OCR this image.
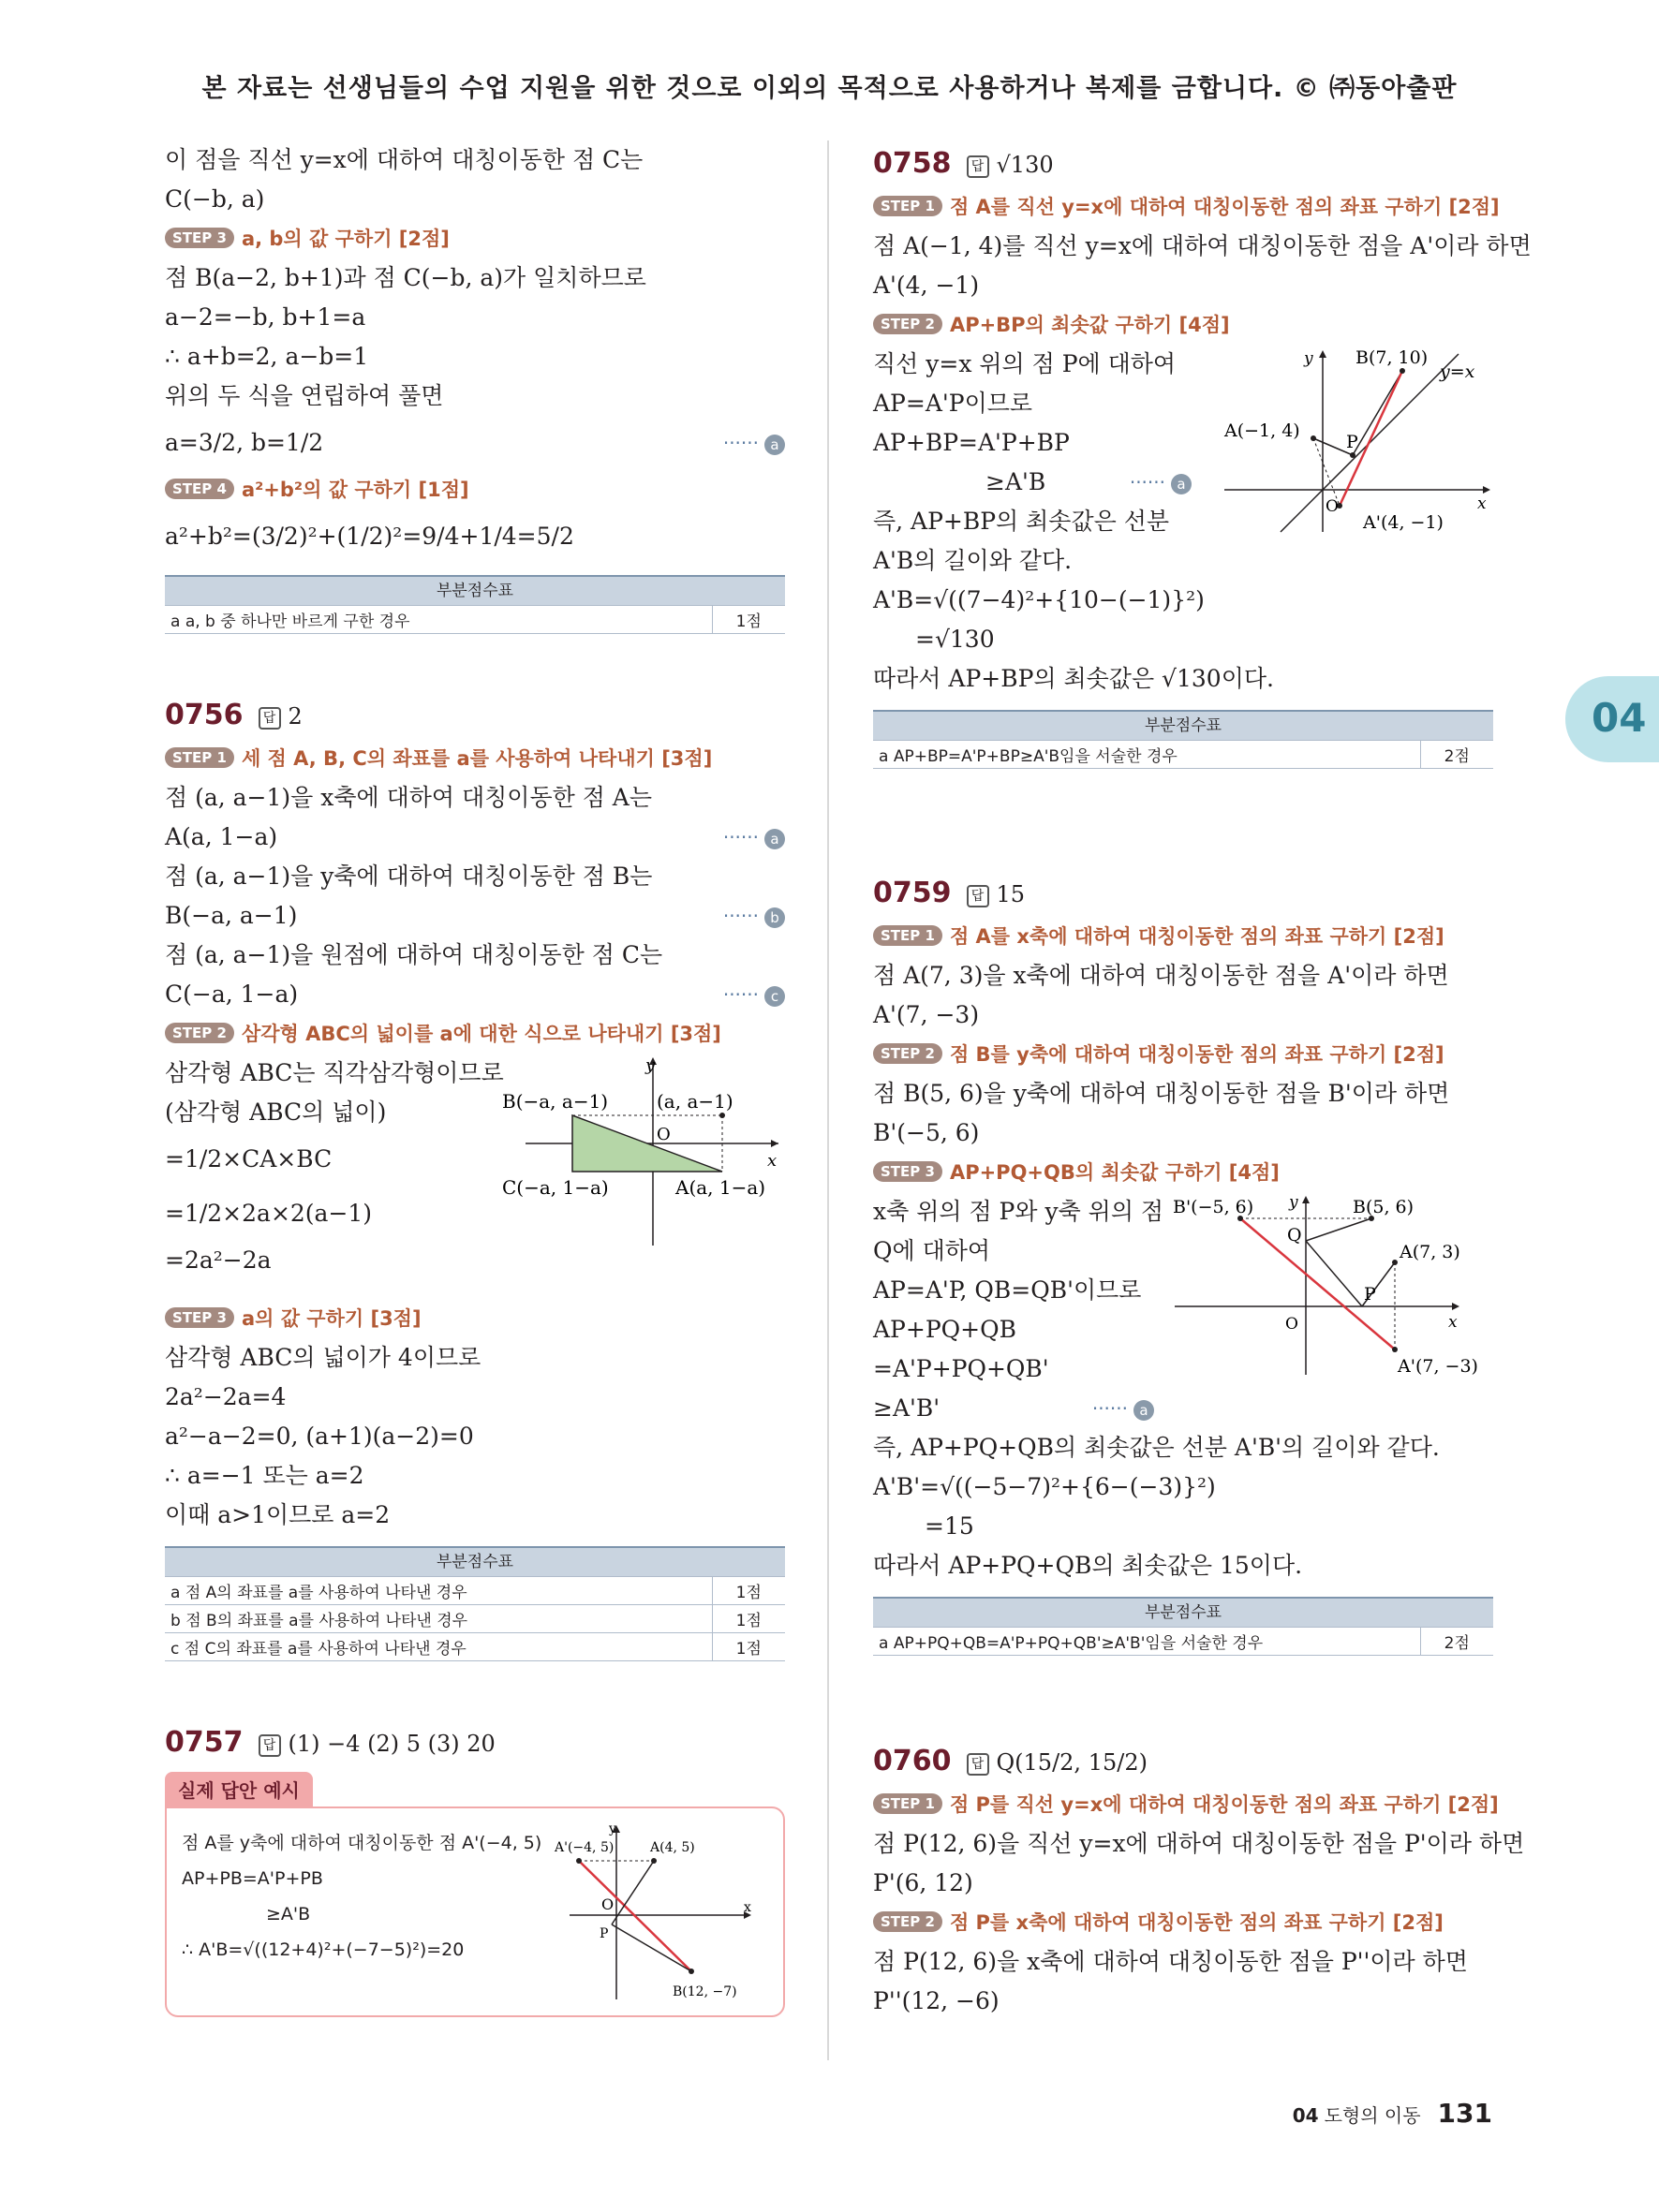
본 자료는 선생님들의 수업 지원을 위한 것으로 이외의 목적으로 사용하거나 복제를 금합니다. © ㈜동아출판
이 점을 직선 y=x에 대하여 대칭이동한 점 C는
C(−b, a)
STEP 3 a, b의 값 구하기 [2점]
점 B(a−2, b+1)과 점 C(−b, a)가 일치하므로
a−2=−b, b+1=a
∴ a+b=2, a−b=1
위의 두 식을 연립하여 풀면
a=3/2, b=1/2	······ a
STEP 4 a²+b²의 값 구하기 [1점]
a²+b²=(3/2)²+(1/2)²=9/4+1/4=5/2
부분점수표
a a, b 중 하나만 바르게 구한 경우	1점
0756 답 2
STEP 1 세 점 A, B, C의 좌표를 a를 사용하여 나타내기 [3점]
점 (a, a−1)을 x축에 대하여 대칭이동한 점 A는
A(a, 1−a)	······ a
점 (a, a−1)을 y축에 대하여 대칭이동한 점 B는
B(−a, a−1)	······ b
점 (a, a−1)을 원점에 대하여 대칭이동한 점 C는
C(−a, 1−a)	······ c
STEP 2 삼각형 ABC의 넓이를 a에 대한 식으로 나타내기 [3점]
삼각형 ABC는 직각삼각형이므로
(삼각형 ABC의 넓이)
=1/2×CA×BC
=1/2×2a×2(a−1)
=2a²−2a
y
x
O
B(−a, a−1)	(a, a−1)
C(−a, 1−a)	A(a, 1−a)
STEP 3 a의 값 구하기 [3점]
삼각형 ABC의 넓이가 4이므로
2a²−2a=4
a²−a−2=0, (a+1)(a−2)=0
∴ a=−1 또는 a=2
이때 a>1이므로 a=2
부분점수표	
a 점 A의 좌표를 a를 사용하여 나타낸 경우	1점
b 점 B의 좌표를 a를 사용하여 나타낸 경우	1점
c 점 C의 좌표를 a를 사용하여 나타낸 경우	1점
0757 답 (1) −4 (2) 5 (3) 20
실제 답안 예시
점 A를 y축에 대하여 대칭이동한 점 A'(−4, 5)
AP+PB=A'P+PB
≥A'B
∴ A'B=√((12+4)²+(−7−5)²)=20
y
x
O
A'(−4, 5)	A(4, 5)
P
B(12, −7)
0758 답 √130
STEP 1 점 A를 직선 y=x에 대하여 대칭이동한 점의 좌표 구하기 [2점]
점 A(−1, 4)를 직선 y=x에 대하여 대칭이동한 점을 A'이라 하면
A'(4, −1)
STEP 2 AP+BP의 최솟값 구하기 [4점]
직선 y=x 위의 점 P에 대하여
AP=A'P이므로
AP+BP=A'P+BP
≥A'B	······ a
즉, AP+BP의 최솟값은 선분
A'B의 길이와 같다.
A'B=√((7−4)²+{10−(−1)}²)
=√130
y
x
O
B(7, 10)
y=x
A(−1, 4)
P
A'(4, −1)
따라서 AP+BP의 최솟값은 √130이다.
부분점수표
a AP+BP=A'P+BP≥A'B임을 서술한 경우	2점
0759 답 15
STEP 1 점 A를 x축에 대하여 대칭이동한 점의 좌표 구하기 [2점]
점 A(7, 3)을 x축에 대하여 대칭이동한 점을 A'이라 하면
A'(7, −3)
STEP 2 점 B를 y축에 대하여 대칭이동한 점의 좌표 구하기 [2점]
점 B(5, 6)을 y축에 대하여 대칭이동한 점을 B'이라 하면
B'(−5, 6)
STEP 3 AP+PQ+QB의 최솟값 구하기 [4점]
x축 위의 점 P와 y축 위의 점
Q에 대하여
AP=A'P, QB=QB'이므로
AP+PQ+QB
=A'P+PQ+QB'
≥A'B'	······ a
y
x
O
B'(−5, 6)	B(5, 6)
Q
A(7, 3)
P
A'(7, −3)
즉, AP+PQ+QB의 최솟값은 선분 A'B'의 길이와 같다.
A'B'=√((−5−7)²+{6−(−3)}²)
=15
따라서 AP+PQ+QB의 최솟값은 15이다.
부분점수표
a AP+PQ+QB=A'P+PQ+QB'≥A'B'임을 서술한 경우	2점
0760 답 Q(15/2, 15/2)
STEP 1 점 P를 직선 y=x에 대하여 대칭이동한 점의 좌표 구하기 [2점]
점 P(12, 6)을 직선 y=x에 대하여 대칭이동한 점을 P'이라 하면
P'(6, 12)
STEP 2 점 P를 x축에 대하여 대칭이동한 점의 좌표 구하기 [2점]
점 P(12, 6)을 x축에 대하여 대칭이동한 점을 P''이라 하면
P''(12, −6)
04
04 도형의 이동 131
